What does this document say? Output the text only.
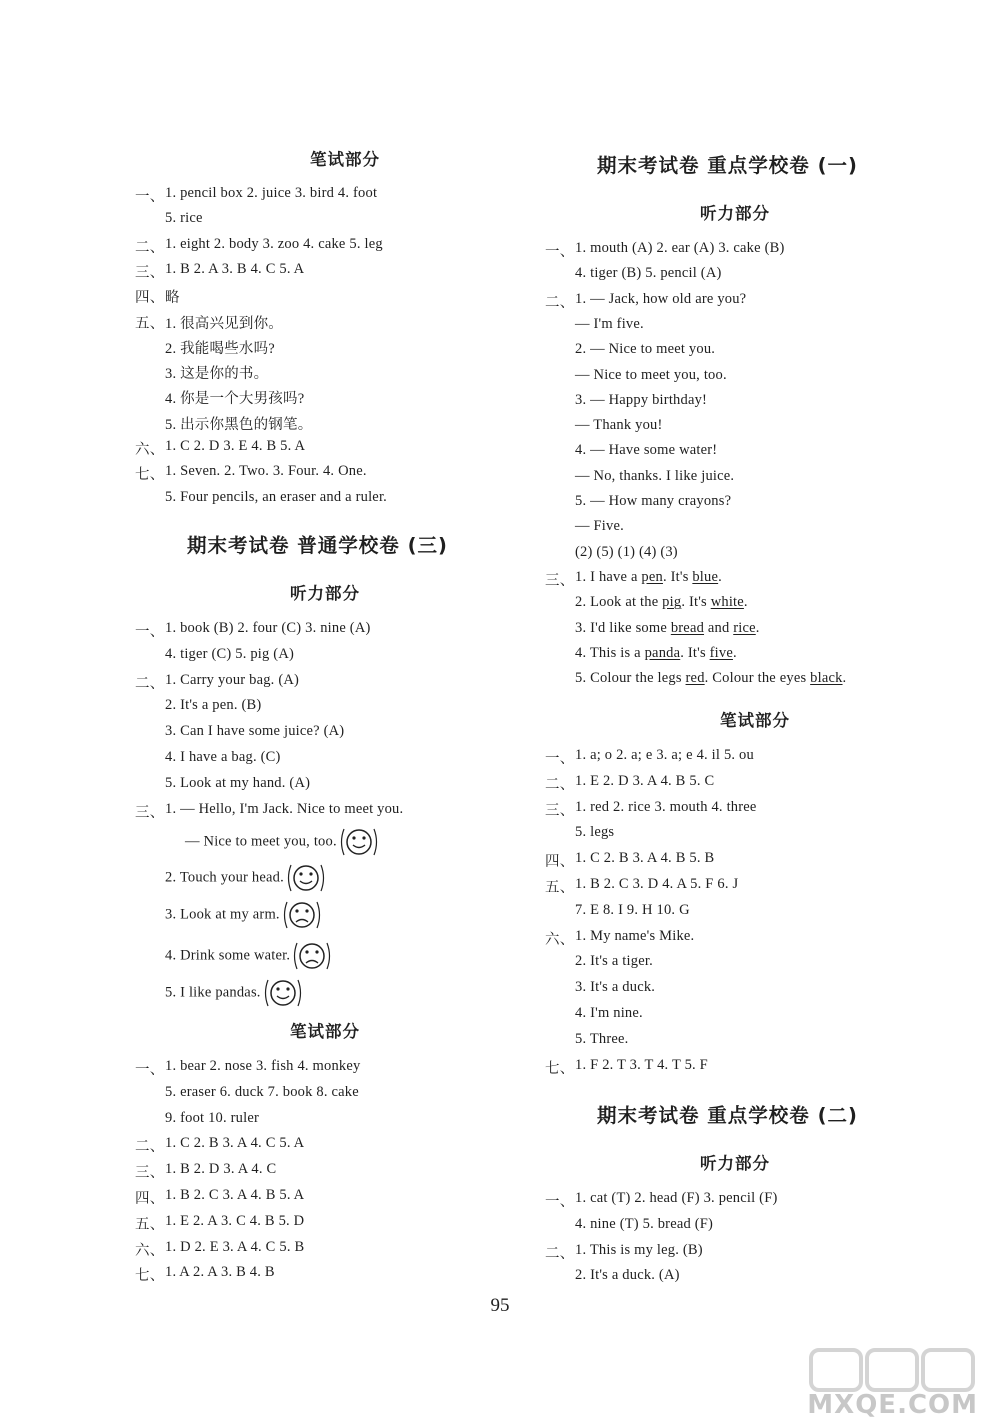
笔试部分
一、 1. pencil box 2. juice 3. bird 4. foot
5. rice
二、 1. eight 2. body 3. zoo 4. cake 5. leg
三、 1. B 2. A 3. B 4. C 5. A
四、 略
五、 1. 很高兴见到你。
2. 我能喝些水吗?
3. 这是你的书。
4. 你是一个大男孩吗?
5. 出示你黑色的钢笔。
六、 1. C 2. D 3. E 4. B 5. A
七、 1. Seven. 2. Two. 3. Four. 4. One.
5. Four pencils, an eraser and a ruler.
期末考试卷 普通学校卷 (三)
听力部分
一、 1. book (B) 2. four (C) 3. nine (A)
4. tiger (C) 5. pig (A)
二、 1. Carry your bag. (A)
2. It's a pen. (B)
3. Can I have some juice? (A)
4. I have a bag. (C)
5. Look at my hand. (A)
三、 1. — Hello, I'm Jack. Nice to meet you.
— Nice to meet you, too.
2. Touch your head.
3. Look at my arm.
4. Drink some water.
5. I like pandas.
笔试部分
一、 1. bear 2. nose 3. fish 4. monkey
5. eraser 6. duck 7. book 8. cake
9. foot 10. ruler
二、 1. C 2. B 3. A 4. C 5. A
三、 1. B 2. D 3. A 4. C
四、 1. B 2. C 3. A 4. B 5. A
五、 1. E 2. A 3. C 4. B 5. D
六、 1. D 2. E 3. A 4. C 5. B
七、 1. A 2. A 3. B 4. B
期末考试卷 重点学校卷 (一)
听力部分
一、 1. mouth (A) 2. ear (A) 3. cake (B)
4. tiger (B) 5. pencil (A)
二、 1. — Jack, how old are you?
— I'm five.
2. — Nice to meet you.
— Nice to meet you, too.
3. — Happy birthday!
— Thank you!
4. — Have some water!
— No, thanks. I like juice.
5. — How many crayons?
— Five.
(2) (5) (1) (4) (3)
三、 1. I have a pen. It's blue.
2. Look at the pig. It's white.
3. I'd like some bread and rice.
4. This is a panda. It's five.
5. Colour the legs red. Colour the eyes black.
笔试部分
一、 1. a; o 2. a; e 3. a; e 4. il 5. ou
二、 1. E 2. D 3. A 4. B 5. C
三、 1. red 2. rice 3. mouth 4. three
5. legs
四、 1. C 2. B 3. A 4. B 5. B
五、 1. B 2. C 3. D 4. A 5. F 6. J
7. E 8. I 9. H 10. G
六、 1. My name's Mike.
2. It's a tiger.
3. It's a duck.
4. I'm nine.
5. Three.
七、 1. F 2. T 3. T 4. T 5. F
期末考试卷 重点学校卷 (二)
听力部分
一、 1. cat (T) 2. head (F) 3. pencil (F)
4. nine (T) 5. bread (F)
二、 1. This is my leg. (B)
2. It's a duck. (A)
95
MXQE.COM
